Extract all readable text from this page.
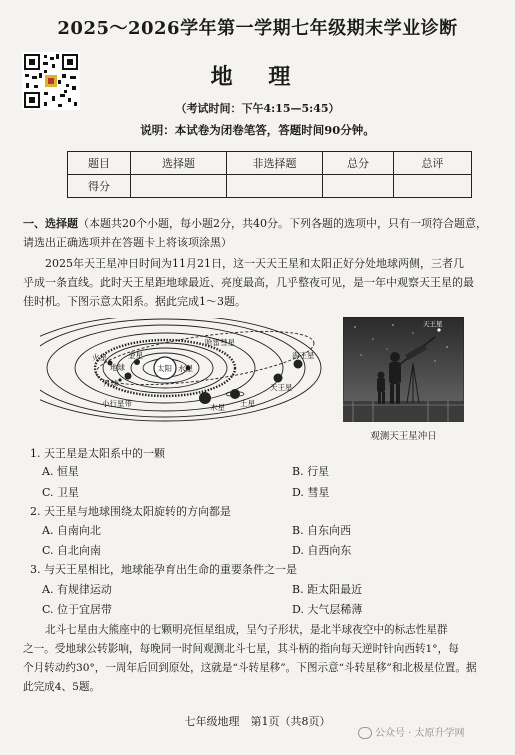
2025～2026学年第一学期七年级期末学业诊断
地 理
（考试时间：下午4:15—5:45）
说明：本试卷为闭卷笔答，答题时间90分钟。
题目	选择题	非选择题	总分	总评
得分				
一、选择题（本题共20个小题，每小题2分，共40分。下列各题的选项中，只有一项符合题意，
请选出正确选项并在答题卡上将该项涂黑）
2025年天王星冲日时间为11月21日，这一天天王星和太阳正好分处地球两侧，三者几
乎成一条直线。此时天王星距地球最近、亮度最高，几乎整夜可见，是一年中观察天王星的最
佳时机。下图示意太阳系。据此完成1～3题。
哈雷彗星
火星
地球
月球
太阳 水星
金星
木星 土星
天王星
海王星
小行星带
天王星
观测天王星冲日
1. 天王星是太阳系中的一颗
A. 恒星	B. 行星
C. 卫星	D. 彗星
2. 天王星与地球围绕太阳旋转的方向都是
A. 自南向北	B. 自东向西
C. 自北向南	D. 自西向东
3. 与天王星相比，地球能孕育出生命的重要条件之一是
A. 有规律运动	B. 距太阳最近
C. 位于宜居带	D. 大气层稀薄
北斗七星由大熊座中的七颗明亮恒星组成，呈勺子形状，是北半球夜空中的标志性星群
之一。受地球公转影响，每晚同一时间观测北斗七星，其斗柄的指向每天逆时针向西转1°，每
个月转动约30°，一周年后回到原处，这就是“斗转星移”。下图示意“斗转星移”和北极星位置。据
此完成4、5题。
七年级地理　第1页（共8页）
公众号 · 太原升学网
